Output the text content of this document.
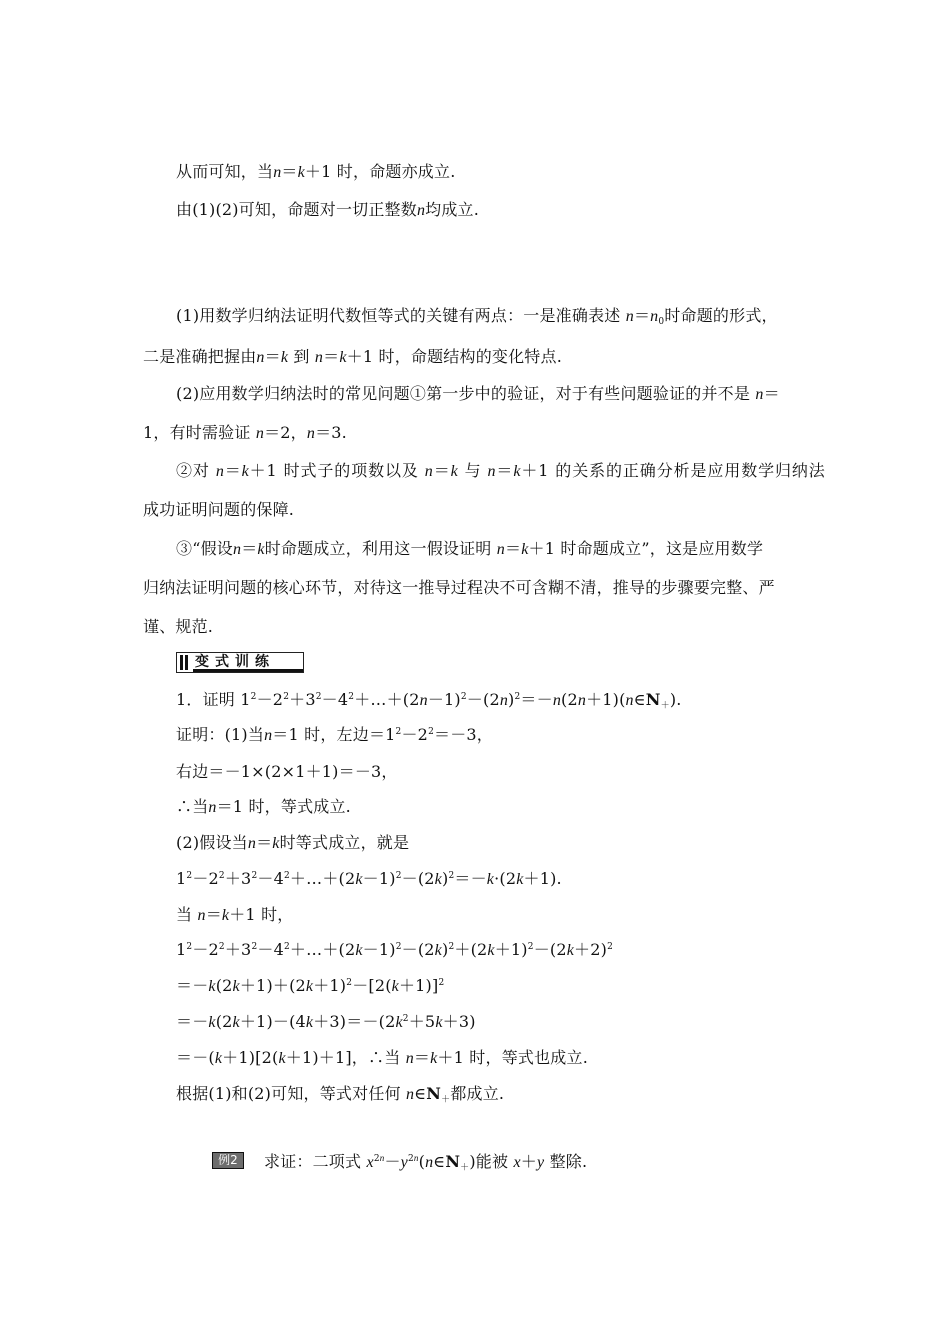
从而可知，当n＝k＋1 时，命题亦成立.
由(1)(2)可知，命题对一切正整数n均成立.
(1)用数学归纳法证明代数恒等式的关键有两点：一是准确表述 $n=n_0$时命题的形式，
二是准确把握由n＝k 到 n＝k＋1 时，命题结构的变化特点.
(2)应用数学归纳法时的常见问题①第一步中的验证，对于有些问题验证的并不是 n＝
1，有时需验证 n＝2，n＝3.
②对 n＝k＋1 时式子的项数以及 n＝k 与 n＝k＋1 的关系的正确分析是应用数学归纳法
成功证明问题的保障.
③“假设n＝k时命题成立，利用这一假设证明 n＝k＋1 时命题成立”，这是应用数学
归纳法证明问题的核心环节，对待这一推导过程决不可含糊不清，推导的步骤要完整、严
谨、规范.
变式训练
1．证明 $1^2-2^2+3^2-4^2+\dots+(2n-1)^2-(2n)^2=-n(2n+1)(n\in N_+)$.
证明：(1)当n＝1 时，左边$=1^2-2^2=-3$，
右边＝－1×(2×1＋1)＝－3，
∴当n＝1 时，等式成立.
(2)假设当n＝k时等式成立，就是
$1^2-2^2+3^2-4^2+\dots+(2k-1)^2-(2k)^2=-k\cdot(2k+1)$.
当 n＝k＋1 时，
$1^2-2^2+3^2-4^2+\dots+(2k-1)^2-(2k)^2+(2k+1)^2-(2k+2)^2$
$=-k(2k+1)+(2k+1)^2-[2(k+1)]^2$
$=-k(2k+1)-(4k+3)=-(2k^2+5k+3)$
＝－(k＋1)[2(k＋1)＋1]，∴当 n＝k＋1 时，等式也成立.
根据(1)和(2)可知，等式对任何 $n\in N_+$都成立.
例2 求证：二项式 $x^{2n}-y^{2n}(n\in N_+)$能被 x＋y 整除.
